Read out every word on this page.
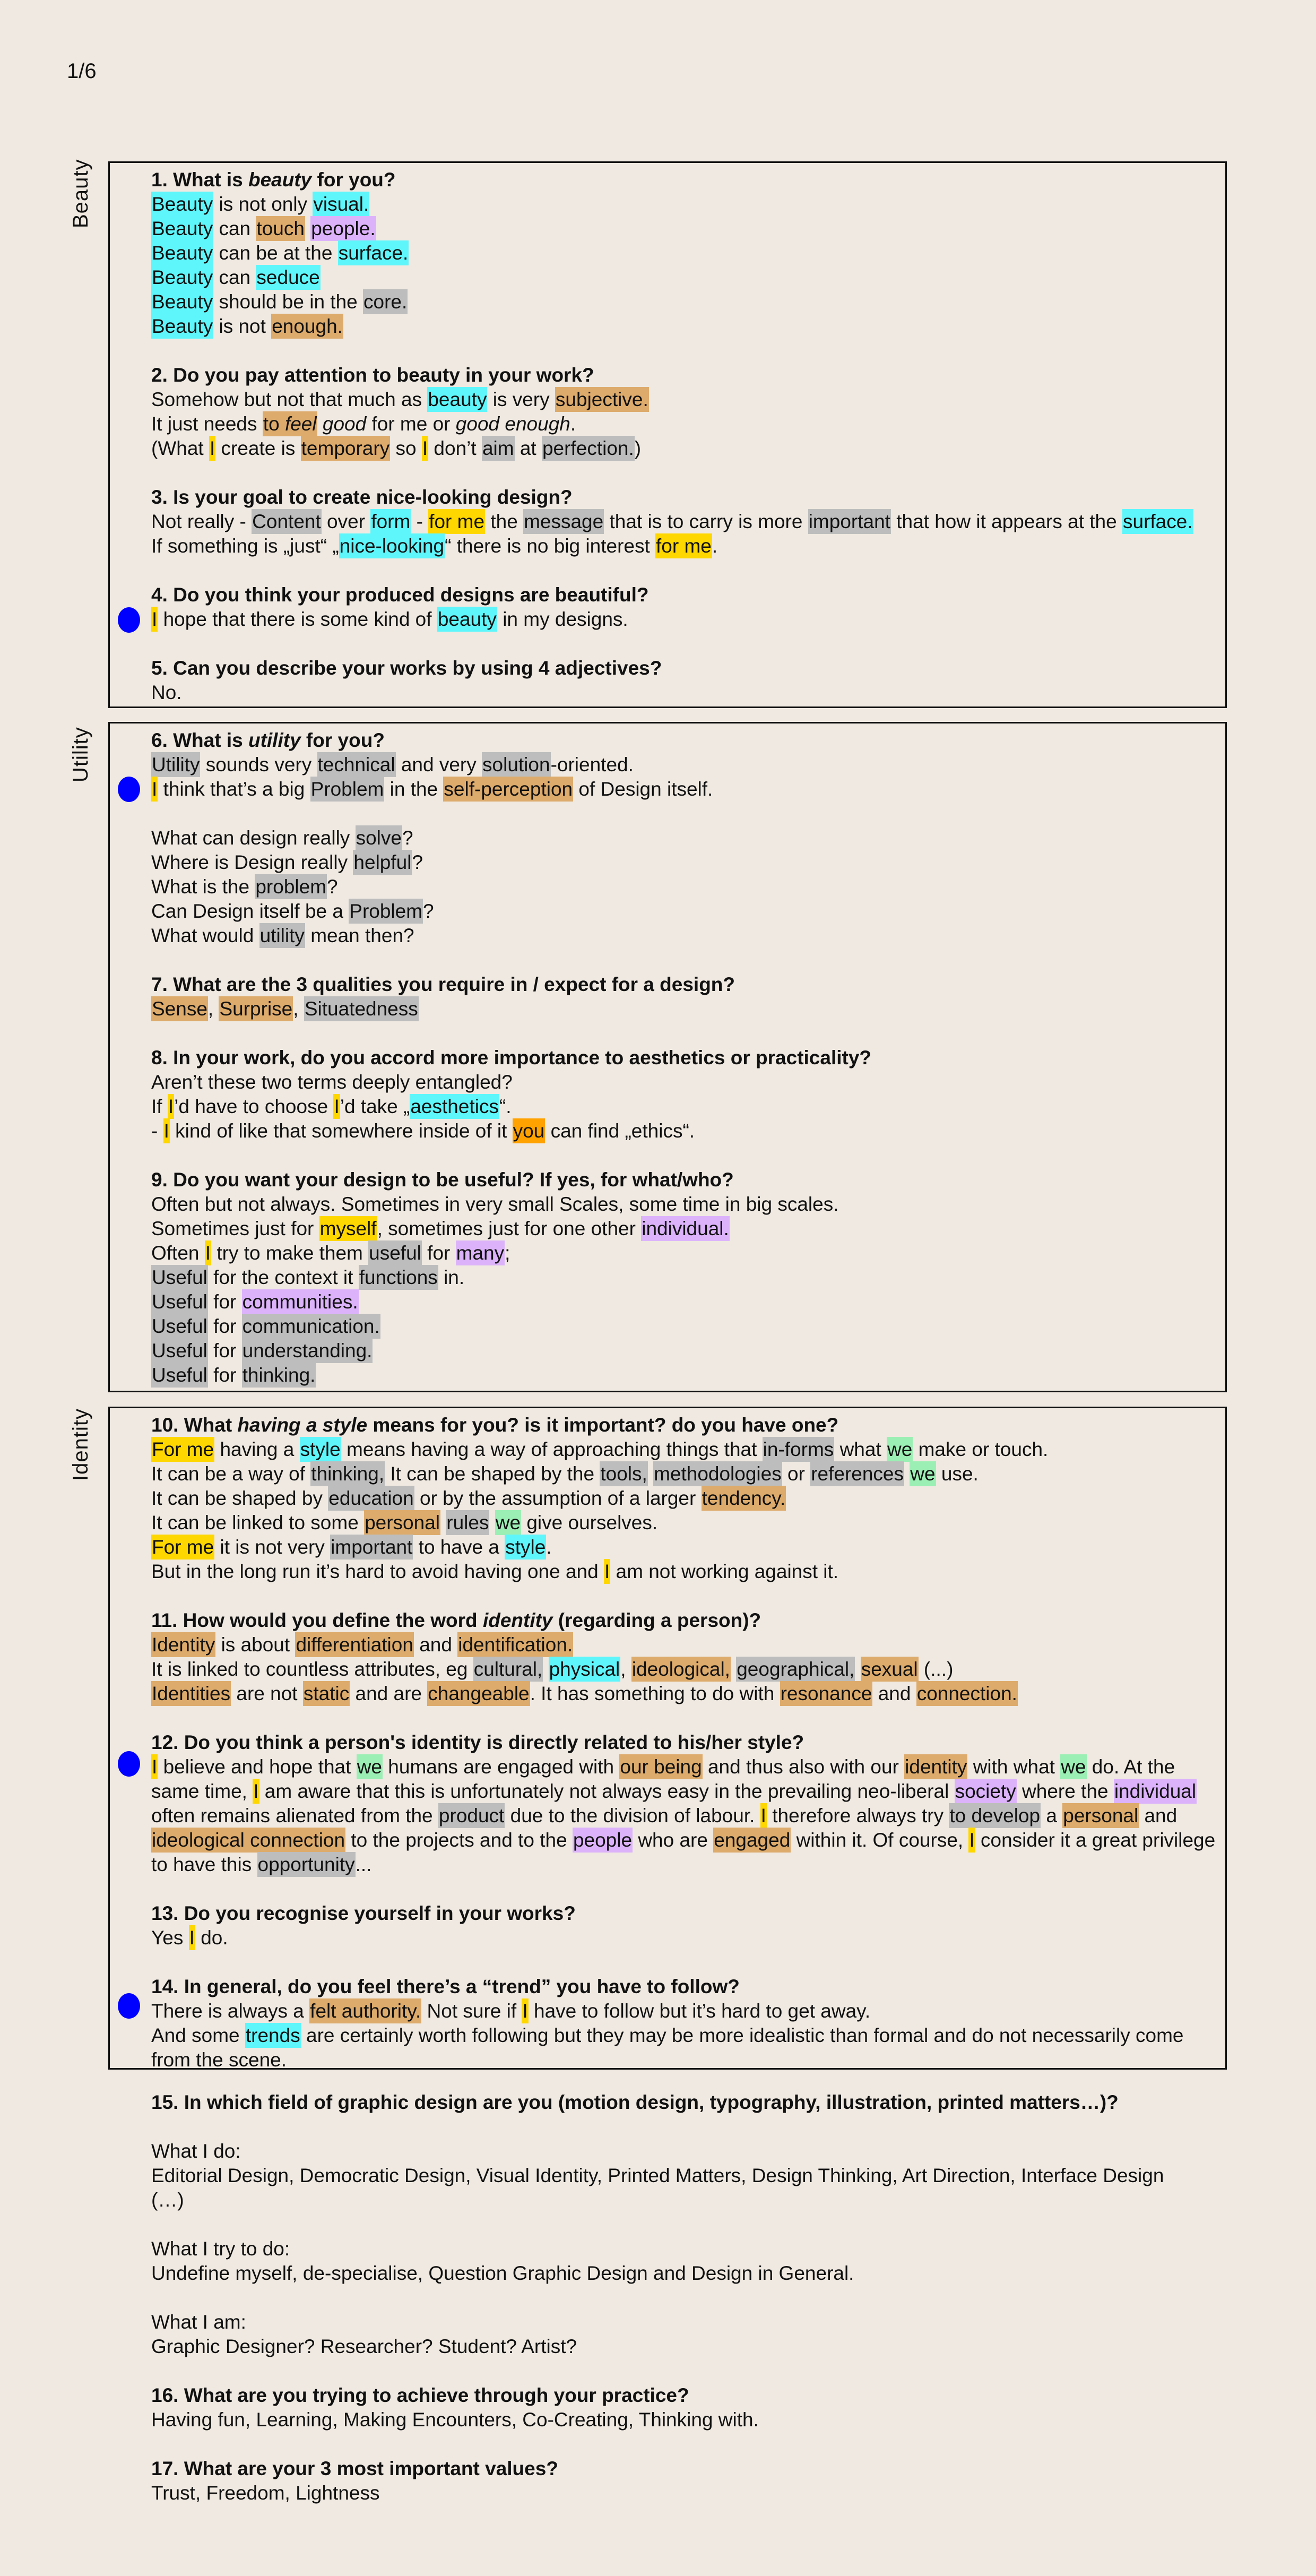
1/6
Beauty
Utility
Identity
1. What is beauty for you?
Beauty is not only visual.
Beauty can touch people.
Beauty can be at the surface.
Beauty can seduce
Beauty should be in the core.
Beauty is not enough.
2. Do you pay attention to beauty in your work?
Somehow but not that much as beauty is very subjective.
It just needs to feel good for me or good enough.
(What I create is temporary so I don’t aim at perfection.)
3. Is your goal to create nice-looking design?
Not really - Content over form - for me the message that is to carry is more important that how it appears at the surface.
If something is „just“ „nice-looking“ there is no big interest for me.
4. Do you think your produced designs are beautiful?
I hope that there is some kind of beauty in my designs.
5. Can you describe your works by using 4 adjectives?
No.
6. What is utility for you?
Utility sounds very technical and very solution-oriented.
I think that’s a big Problem in the self-perception of Design itself.
What can design really solve?
Where is Design really helpful?
What is the problem?
Can Design itself be a Problem?
What would utility mean then?
7. What are the 3 qualities you require in / expect for a design?
Sense, Surprise, Situatedness
8. In your work, do you accord more importance to aesthetics or practicality?
Aren’t these two terms deeply entangled?
If I’d have to choose I’d take „aesthetics“.
- I kind of like that somewhere inside of it you can find „ethics“.
9. Do you want your design to be useful? If yes, for what/who?
Often but not always. Sometimes in very small Scales, some time in big scales.
Sometimes just for myself, sometimes just for one other individual.
Often I try to make them useful for many;
Useful for the context it functions in.
Useful for communities.
Useful for communication.
Useful for understanding.
Useful for thinking.
10. What having a style means for you? is it important? do you have one?
For me having a style means having a way of approaching things that in-forms what we make or touch.
It can be a way of thinking, It can be shaped by the tools, methodologies or references we use.
It can be shaped by education or by the assumption of a larger tendency.
It can be linked to some personal rules we give ourselves.
For me it is not very important to have a style.
But in the long run it’s hard to avoid having one and I am not working against it.
11. How would you define the word identity (regarding a person)?
Identity is about differentiation and identification.
It is linked to countless attributes, eg cultural, physical, ideological, geographical, sexual (...)
Identities are not static and are changeable. It has something to do with resonance and connection.
12. Do you think a person's identity is directly related to his/her style?
I believe and hope that we humans are engaged with our being and thus also with our identity with what we do. At the same time, I am aware that this is unfortunately not always easy in the prevailing neo-liberal society where the individual often remains alienated from the product due to the division of labour. I therefore always try to develop a personal and ideological connection to the projects and to the people who are engaged within it. Of course, I consider it a great privilege to have this opportunity...
13. Do you recognise yourself in your works?
Yes I do.
14. In general, do you feel there’s a “trend” you have to follow?
There is always a felt authority. Not sure if I have to follow but it’s hard to get away.
And some trends are certainly worth following but they may be more idealistic than formal and do not necessarily come from the scene.
15. In which field of graphic design are you (motion design, typography, illustration, printed matters…)?
What I do:
Editorial Design, Democratic Design, Visual Identity, Printed Matters, Design Thinking, Art Direction, Interface Design (…)
What I try to do:
Undefine myself, de-specialise, Question Graphic Design and Design in General.
What I am:
Graphic Designer? Researcher? Student? Artist?
16. What are you trying to achieve through your practice?
Having fun, Learning, Making Encounters, Co-Creating, Thinking with.
17. What are your 3 most important values?
Trust, Freedom, Lightness
